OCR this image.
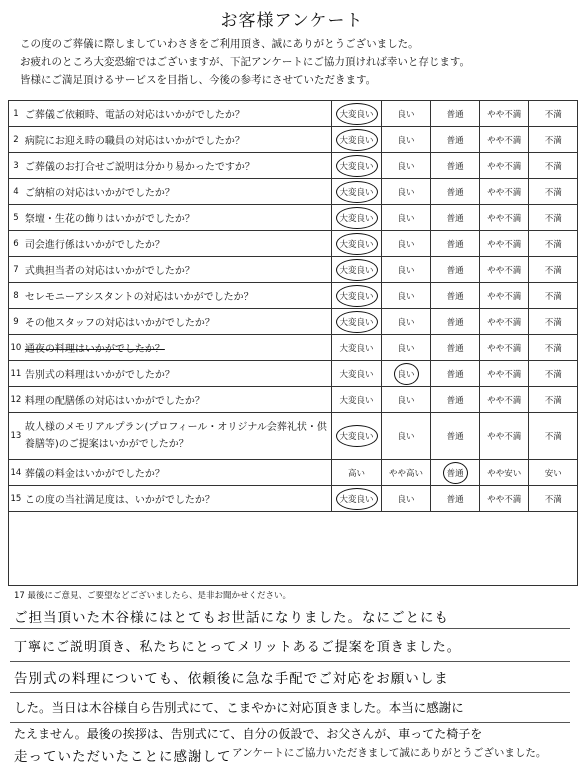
お客様アンケート
この度のご葬儀に際しましていわさきをご利用頂き、誠にありがとうございました。
お疲れのところ大変恐縮ではございますが、下記アンケートにご協力頂ければ幸いと存じます。
皆様にご満足頂けるサービスを目指し、今後の参考にさせていただきます。
1	ご葬儀ご依頼時、電話の対応はいかがでしたか？	大変良い	良い	普通	やや不満	不満
2	病院にお迎え時の職員の対応はいかがでしたか？	大変良い	良い	普通	やや不満	不満
3	ご葬儀のお打合せご説明は分かり易かったですか？	大変良い	良い	普通	やや不満	不満
4	ご納棺の対応はいかがでしたか？	大変良い	良い	普通	やや不満	不満
5	祭壇・生花の飾りはいかがでしたか？	大変良い	良い	普通	やや不満	不満
6	司会進行係はいかがでしたか？	大変良い	良い	普通	やや不満	不満
7	式典担当者の対応はいかがでしたか？	大変良い	良い	普通	やや不満	不満
8	セレモニーアシスタントの対応はいかがでしたか？	大変良い	良い	普通	やや不満	不満
9	その他スタッフの対応はいかがでしたか？	大変良い	良い	普通	やや不満	不満
10	通夜の料理はいかがでしたか？	大変良い	良い	普通	やや不満	不満
11	告別式の料理はいかがでしたか？	大変良い	良い	普通	やや不満	不満
12	料理の配膳係の対応はいかがでしたか？	大変良い	良い	普通	やや不満	不満
13	故人様のメモリアルプラン(プロフィール・オリジナル会葬礼状・供養膳等)のご提案はいかがでしたか？	大変良い	良い	普通	やや不満	不満
14	葬儀の料金はいかがでしたか？	高い	やや高い	普通	やや安い	安い
15	この度の当社満足度は、いかがでしたか？	大変良い	良い	普通	やや不満	不満
17 最後にご意見、ご要望などございましたら、是非お聞かせください。
ご担当頂いた木谷様にはとてもお世話になりました。なにごとにも
丁寧にご説明頂き、私たちにとってメリットあるご提案を頂きました。
告別式の料理についても、依頼後に急な手配でご対応をお願いしま
した。当日は木谷様自ら告別式にて、こまやかに対応頂きました。本当に感謝に
たえません。最後の挨拶は、告別式にて、自分の仮設で、お父さんが、車ってた椅子を
走っていただいたことに感謝して アンケートにご協力いただきまして誠にありがとうございました。
